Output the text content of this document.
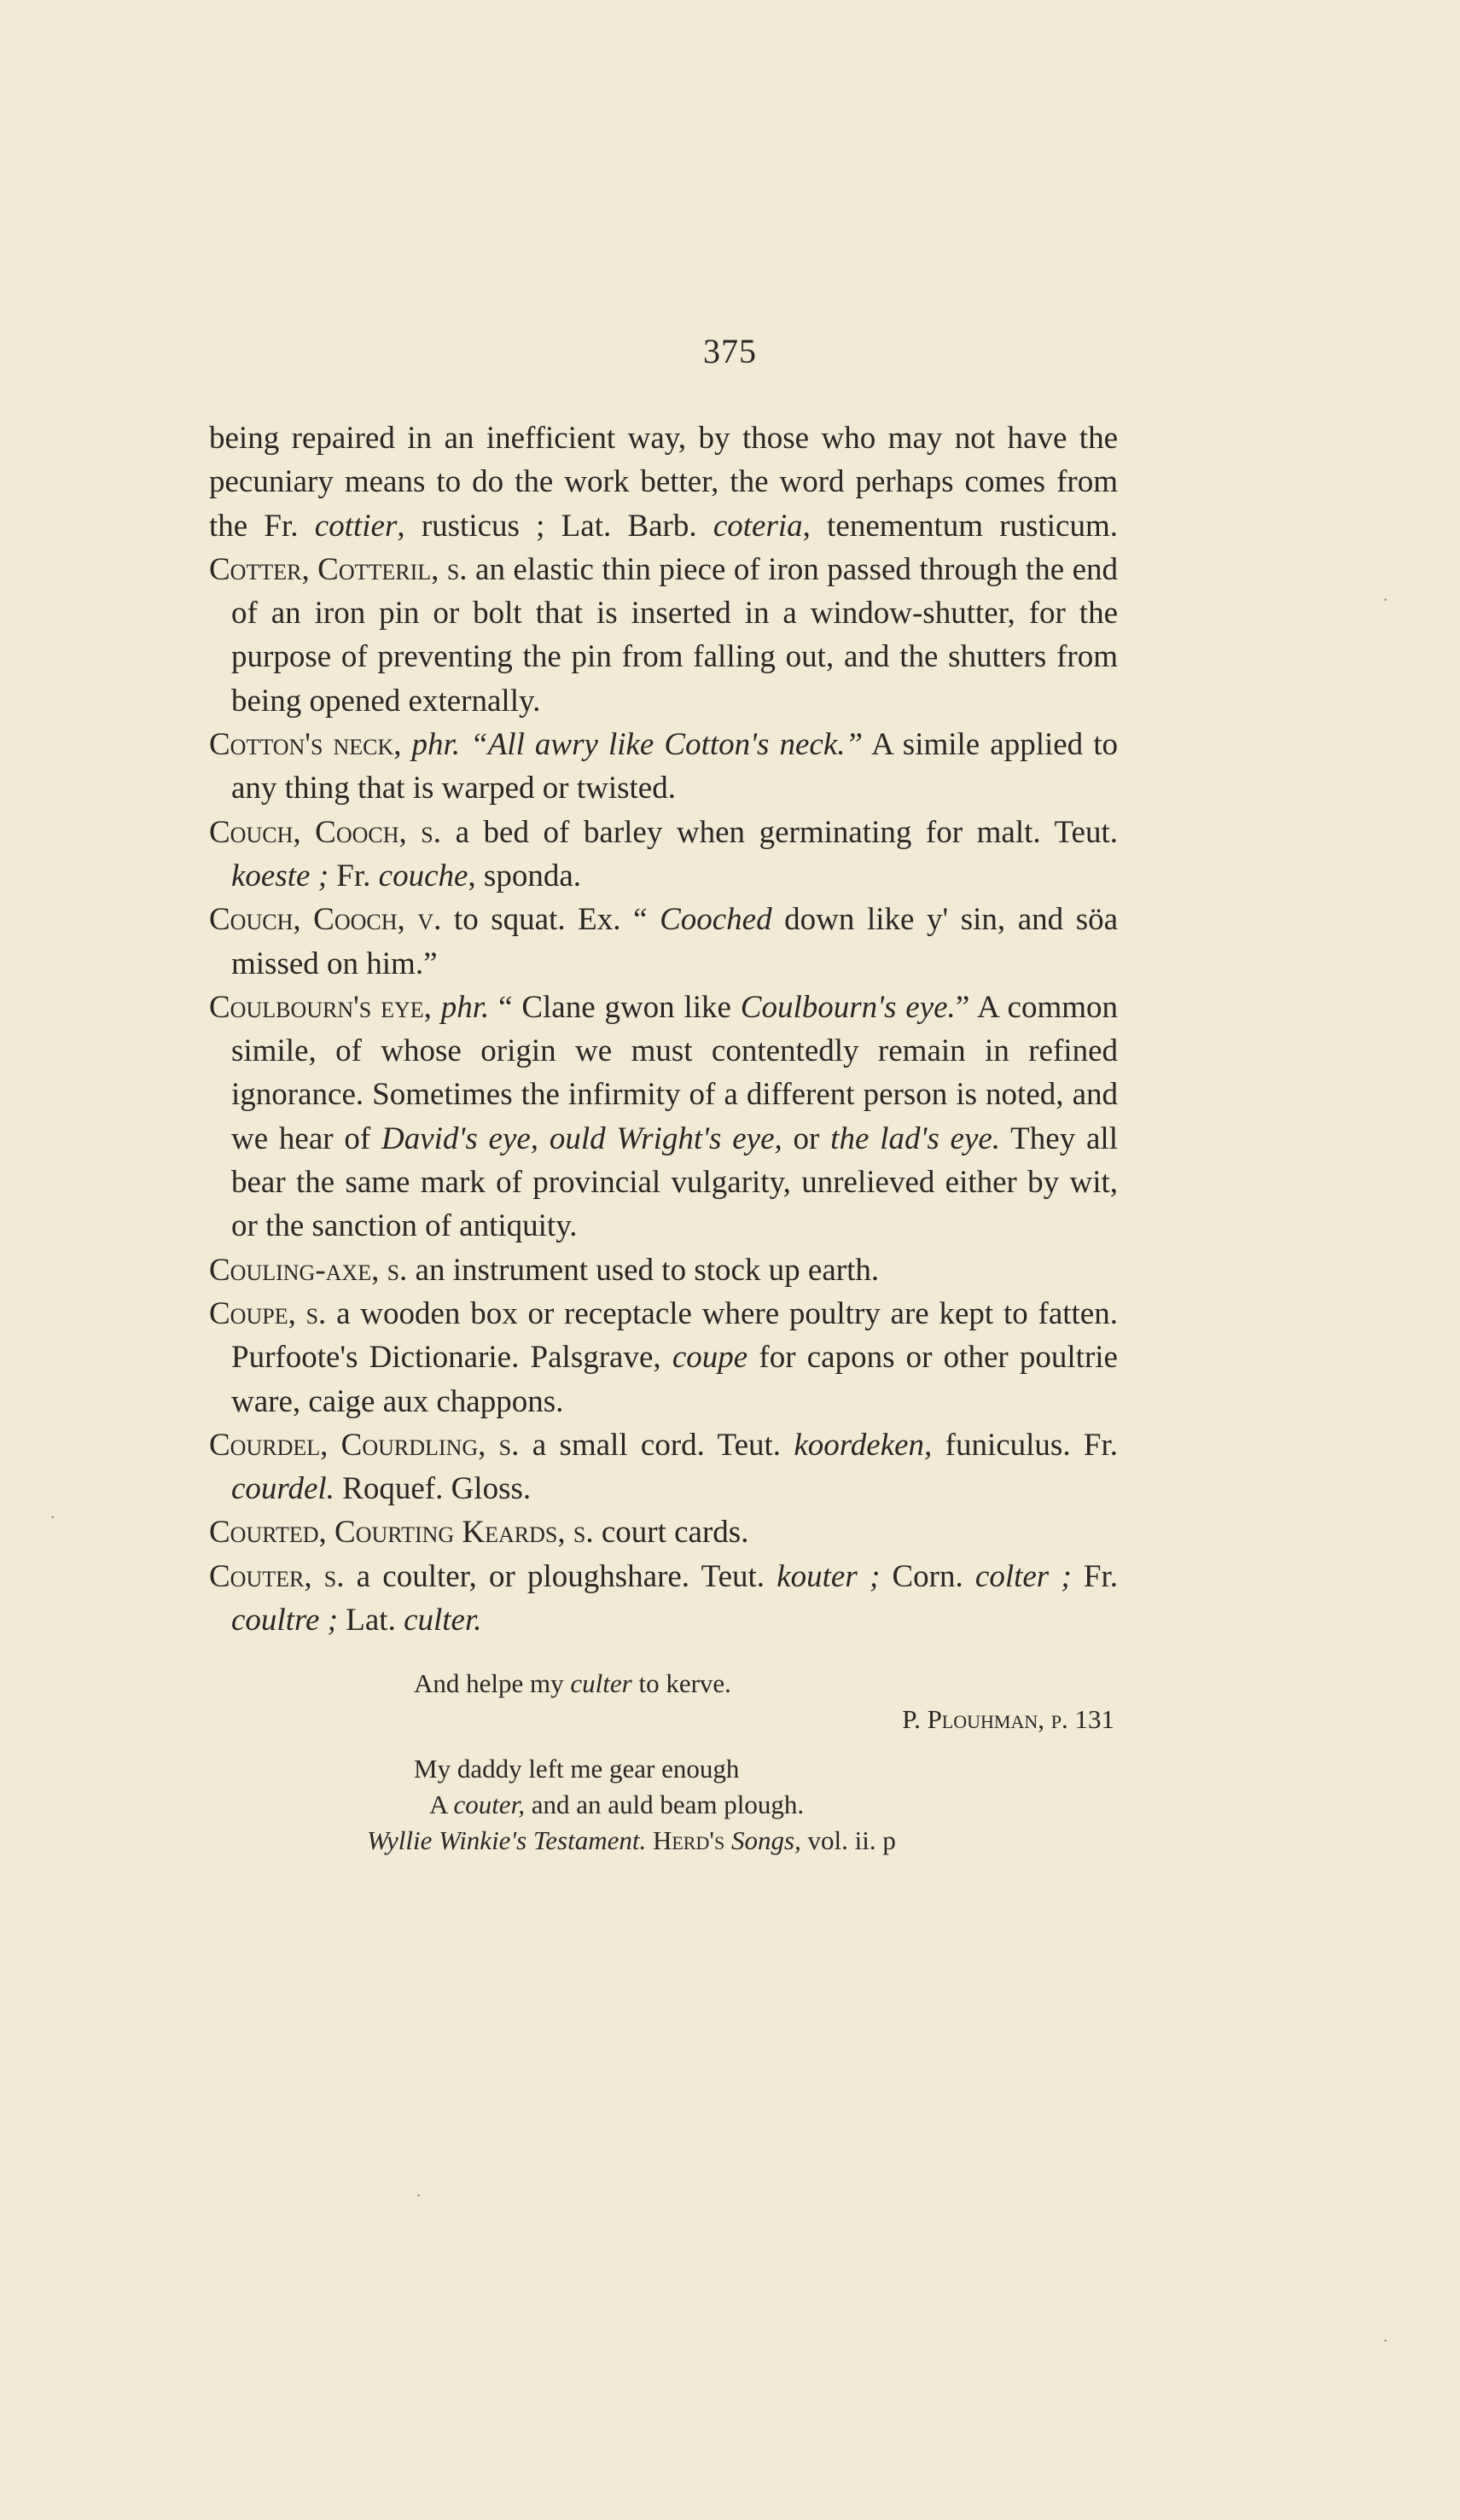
375

being repaired in an inefficient way, by those who may not have the pecuniary means to do the work better, the word perhaps comes from the Fr. cottier, rusticus ; Lat. Barb. coteria, tenementum rusticum.

Cotter, Cotteril, s. an elastic thin piece of iron passed through the end of an iron pin or bolt that is inserted in a window-shutter, for the purpose of preventing the pin from falling out, and the shutters from being opened externally.

Cotton's neck, phr. “All awry like Cotton's neck.” A simile applied to any thing that is warped or twisted.

Couch, Cooch, s. a bed of barley when germinating for malt. Teut. koeste ; Fr. couche, sponda.

Couch, Cooch, v. to squat. Ex. “ Cooched down like y' sin, and söa missed on him.”

Coulbourn's eye, phr. “ Clane gwon like Coulbourn's eye.” A common simile, of whose origin we must contentedly remain in refined ignorance. Sometimes the infirmity of a different person is noted, and we hear of David's eye, ould Wright's eye, or the lad's eye. They all bear the same mark of provincial vulgarity, unrelieved either by wit, or the sanction of antiquity.

Couling-axe, s. an instrument used to stock up earth.

Coupe, s. a wooden box or receptacle where poultry are kept to fatten. Purfoote's Dictionarie. Palsgrave, coupe for capons or other poultrie ware, caige aux chappons.

Courdel, Courdling, s. a small cord. Teut. koordeken, funiculus. Fr. courdel. Roquef. Gloss.

Courted, Courting Keards, s. court cards.

Couter, s. a coulter, or ploughshare. Teut. kouter ; Corn. colter ; Fr. coultre ; Lat. culter.

And helpe my culter to kerve.
P. Plouhman, p. 131
My daddy left me gear enough
A couter, and an auld beam plough.
Wyllie Winkie's Testament. Herd's Songs, vol. ii. p
·
·
·
·
